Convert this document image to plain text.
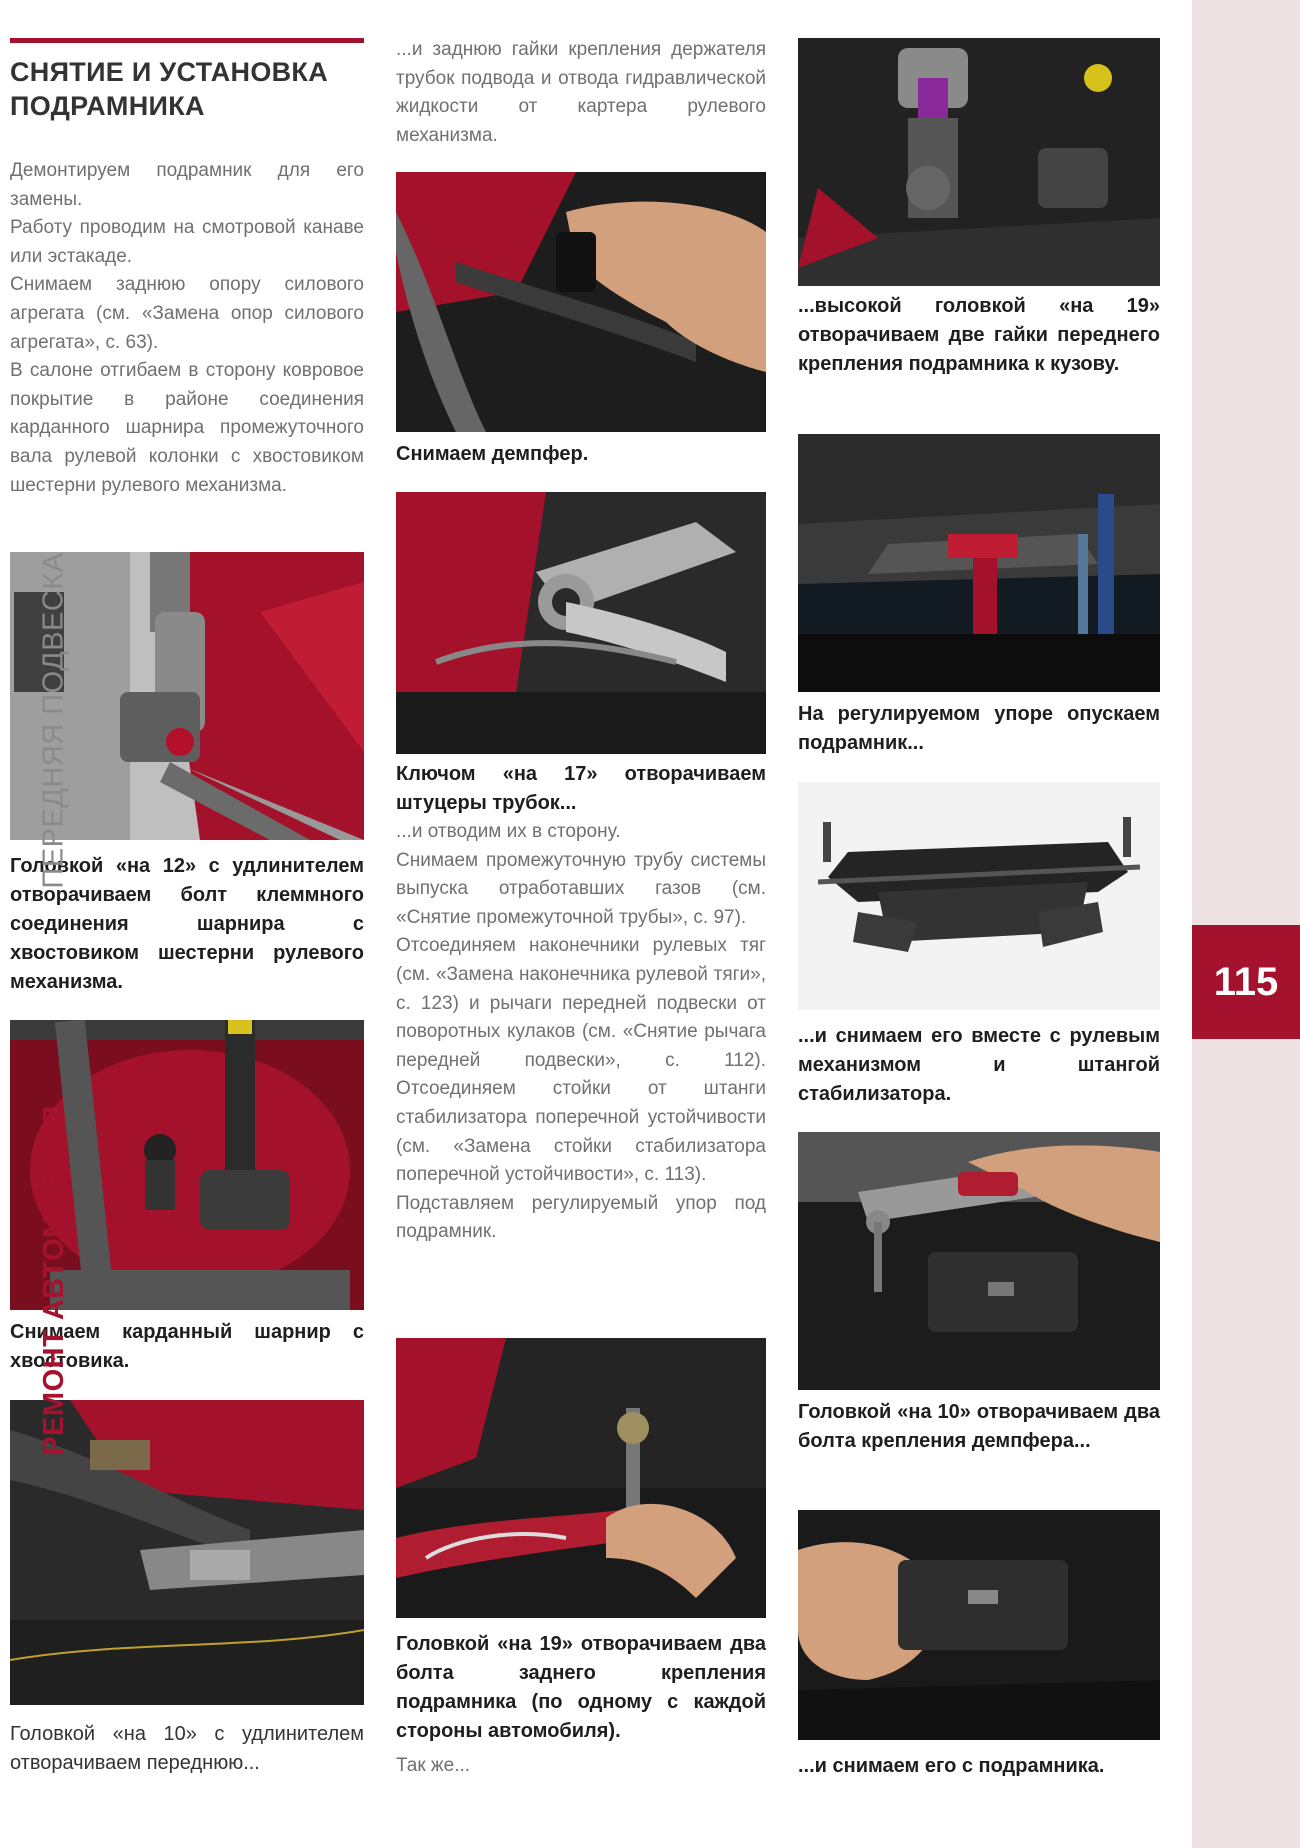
СНЯТИЕ И УСТАНОВКА
ПОДРАМНИКА

Демонтируем подрамник для его замены.

Работу проводим на смотровой канаве или эстакаде.

Снимаем заднюю опору силового агрегата (см. «Замена опор силового агрегата», с. 63).

В салоне отгибаем в сторону ковровое покрытие в районе соединения карданного шарнира промежуточного вала рулевой колонки с хвостовиком шестерни рулевого механизма.

Головкой «на 12» с удлинителем отворачиваем болт клеммного соединения шарнира с хвостовиком шестерни рулевого механизма.

Снимаем карданный шарнир с хвостовика.

Головкой «на 10» с удлинителем отворачиваем переднюю...

...и заднюю гайки крепления держателя трубок подвода и отвода гидравлической жидкости от картера рулевого механизма.

Снимаем демпфер.

Ключом «на 17» отворачиваем штуцеры трубок...

...и отводим их в сторону.

Снимаем промежуточную трубу системы выпуска отработавших газов (см. «Снятие промежуточной трубы», с. 97).

Отсоединяем наконечники рулевых тяг (см. «Замена наконечника рулевой тяги», с. 123) и рычаги передней подвески от поворотных кулаков (см. «Снятие рычага передней подвески», с. 112). Отсоединяем стойки от штанги стабилизатора поперечной устойчивости (см. «Замена стойки стабилизатора поперечной устойчивости», с. 113).

Подставляем регулируемый упор под подрамник.

Головкой «на 19» отворачиваем два болта заднего крепления подрамника (по одному с каждой стороны автомобиля).

Так же...

...высокой головкой «на 19» отворачиваем две гайки переднего крепления подрамника к кузову.

На регулируемом упоре опускаем подрамник...

...и снимаем его вместе с рулевым механизмом и штангой стабилизатора.

Головкой «на 10» отворачиваем два болта крепления демпфера...

...и снимаем его с подрамника.

ПЕРЕДНЯЯ ПОДВЕСКА
115
РЕМОНТ АВТОМОБИЛЯ
